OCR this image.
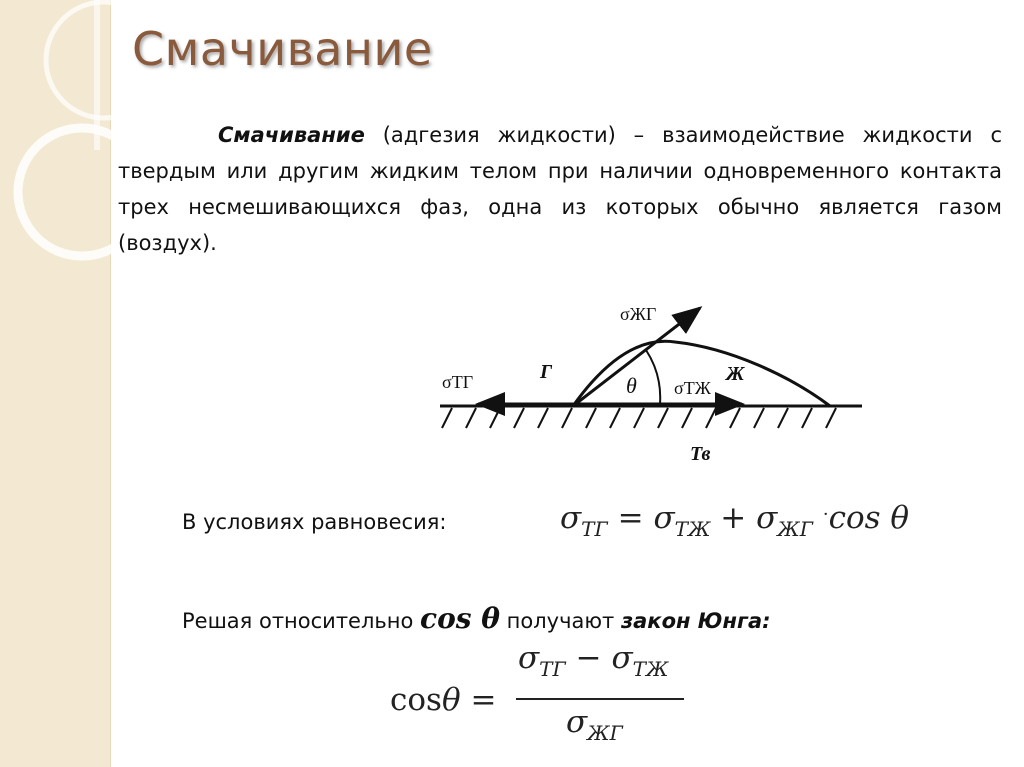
Смачивание
Смачивание (адгезия жидкости) – взаимодействие жидкости с твердым или другим жидким телом при наличии одновременного контакта трех несмешивающихся фаз, одна из которых обычно является газом (воздух).
σЖГ
σТГ	σТЖ
Г	Ж
Тв
θ
В условиях равновесия:	$\sigma_{ТГ} = \sigma_{ТЖ} + \sigma_{ЖГ}$ ·cos θ
Решая относительно cos θ получают закон Юнга:
cosθ =
$\sigma_{ТГ} - \sigma_{ТЖ}$
$\sigma_{ЖГ}$
